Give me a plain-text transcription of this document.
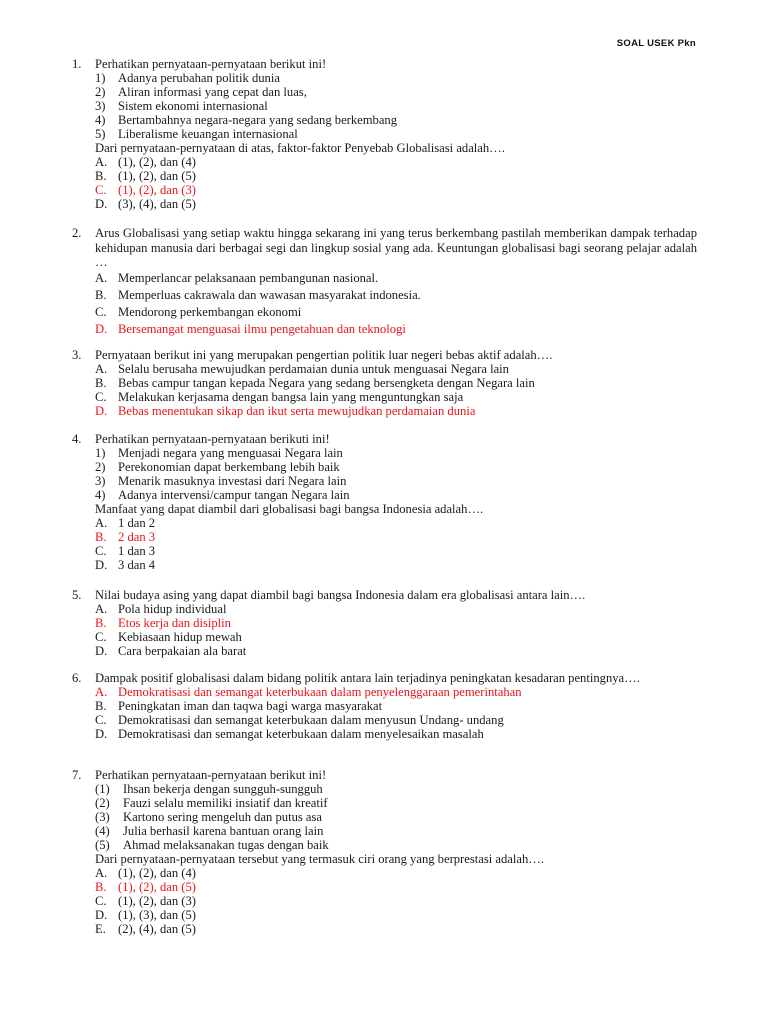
SOAL USEK Pkn
1.	Perhatikan pernyataan-pernyataan berikut ini!
1) Adanya perubahan politik dunia
2) Aliran informasi yang cepat dan luas,
3) Sistem ekonomi internasional
4) Bertambahnya negara-negara yang sedang berkembang
5) Liberalisme keuangan internasional
Dari pernyataan-pernyataan di atas, faktor-faktor Penyebab Globalisasi adalah….
A. (1), (2), dan (4)
B. (1), (2), dan (5)
C. (1), (2), dan (3)
D. (3), (4), dan (5)
2.	Arus Globalisasi yang setiap waktu hingga sekarang ini yang terus berkembang pastilah memberikan dampak terhadap kehidupan manusia dari berbagai segi dan lingkup sosial yang ada. Keuntungan globalisasi bagi seorang pelajar adalah …
A. Memperlancar pelaksanaan pembangunan nasional.
B. Memperluas cakrawala dan wawasan masyarakat indonesia.
C. Mendorong perkembangan ekonomi
D. Bersemangat menguasai ilmu pengetahuan dan teknologi
3.	Pernyataan berikut ini yang merupakan pengertian politik luar negeri bebas aktif adalah….
A. Selalu berusaha mewujudkan perdamaian dunia untuk menguasai Negara lain
B. Bebas campur tangan kepada Negara yang sedang bersengketa dengan Negara lain
C. Melakukan kerjasama dengan bangsa lain yang menguntungkan saja
D. Bebas menentukan sikap dan ikut serta mewujudkan perdamaian dunia
4.	Perhatikan pernyataan-pernyataan berikuti ini!
1) Menjadi negara yang menguasai Negara lain
2) Perekonomian dapat berkembang lebih baik
3) Menarik masuknya investasi dari Negara lain
4) Adanya intervensi/campur tangan Negara lain
Manfaat yang dapat diambil dari globalisasi bagi bangsa Indonesia adalah….
A. 1 dan 2
B. 2 dan 3
C. 1 dan 3
D. 3 dan 4
5.	Nilai budaya asing yang dapat diambil bagi bangsa Indonesia dalam era globalisasi antara lain….
A. Pola hidup individual
B. Etos kerja dan disiplin
C. Kebiasaan hidup mewah
D. Cara berpakaian ala barat
6.	Dampak positif globalisasi dalam bidang politik antara lain terjadinya peningkatan kesadaran pentingnya….
A. Demokratisasi dan semangat keterbukaan dalam penyelenggaraan pemerintahan
B. Peningkatan iman dan taqwa bagi warga masyarakat
C. Demokratisasi dan semangat keterbukaan dalam menyusun Undang- undang
D. Demokratisasi dan semangat keterbukaan dalam menyelesaikan masalah
7.	Perhatikan pernyataan-pernyataan berikut ini!
(1)	Ihsan bekerja dengan sungguh-sungguh
(2)	Fauzi selalu memiliki insiatif dan kreatif
(3)	Kartono sering mengeluh dan putus asa
(4)	Julia berhasil karena bantuan orang lain
(5)	Ahmad melaksanakan tugas dengan baik
Dari pernyataan-pernyataan tersebut yang termasuk ciri orang yang berprestasi adalah….
A. (1), (2), dan (4)
B. (1), (2), dan (5)
C. (1), (2), dan (3)
D. (1), (3), dan (5)
E. (2), (4), dan (5)
